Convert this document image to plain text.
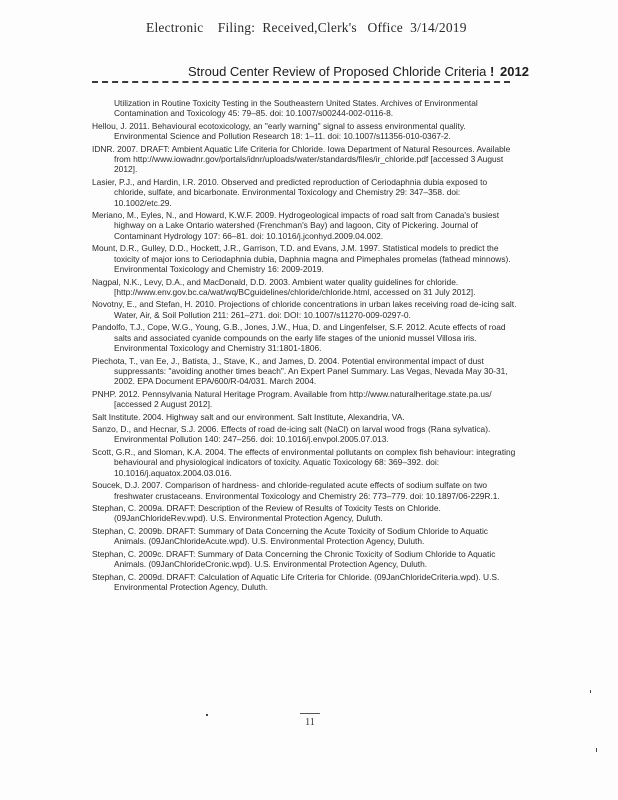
Electronic    Filing:  Received,Clerk's   Office  3/14/2019
Stroud Center Review of Proposed Chloride Criteria ! 2012

Utilization in Routine Toxicity Testing in the Southeastern United States. Archives of Environmental Contamination and Toxicology 45: 79–85. doi: 10.1007/s00244-002-0116-8.

Hellou, J. 2011. Behavioural ecotoxicology, an "early warning" signal to assess environmental quality. Environmental Science and Pollution Research 18: 1–11. doi: 10.1007/s11356-010-0367-2.

IDNR. 2007. DRAFT: Ambient Aquatic Life Criteria for Chloride. Iowa Department of Natural Resources. Available from http://www.iowadnr.gov/portals/idnr/uploads/water/standards/files/ir_chloride.pdf [accessed 3 August 2012].

Lasier, P.J., and Hardin, I.R. 2010. Observed and predicted reproduction of Ceriodaphnia dubia exposed to chloride, sulfate, and bicarbonate. Environmental Toxicology and Chemistry 29: 347–358. doi: 10.1002/etc.29.

Meriano, M., Eyles, N., and Howard, K.W.F. 2009. Hydrogeological impacts of road salt from Canada's busiest highway on a Lake Ontario watershed (Frenchman's Bay) and lagoon, City of Pickering. Journal of Contaminant Hydrology 107: 66–81. doi: 10.1016/j.jconhyd.2009.04.002.

Mount, D.R., Gulley, D.D., Hockett, J.R., Garrison, T.D. and Evans, J.M. 1997. Statistical models to predict the toxicity of major ions to Ceriodaphnia dubia, Daphnia magna and Pimephales promelas (fathead minnows). Environmental Toxicology and Chemistry 16: 2009-2019.

Nagpal, N.K., Levy, D.A., and MacDonald, D.D. 2003. Ambient water quality guidelines for chloride. [http://www.env.gov.bc.ca/wat/wq/BCguidelines/chloride/chloride.html, accessed on 31 July 2012].

Novotny, E., and Stefan, H. 2010. Projections of chloride concentrations in urban lakes receiving road de-icing salt. Water, Air, & Soil Pollution 211: 261–271. doi: DOI: 10.1007/s11270-009-0297-0.

Pandolfo, T.J., Cope, W.G., Young, G.B., Jones, J.W., Hua, D. and Lingenfelser, S.F. 2012. Acute effects of road salts and associated cyanide compounds on the early life stages of the unionid mussel Villosa iris. Environmental Toxicology and Chemistry 31:1801-1806.

Piechota, T., van Ee, J., Batista, J., Stave, K., and James, D. 2004. Potential environmental impact of dust suppressants: "avoiding another times beach". An Expert Panel Summary. Las Vegas, Nevada May 30-31, 2002. EPA Document EPA/600/R-04/031. March 2004.

PNHP. 2012. Pennsylvania Natural Heritage Program. Available from http://www.naturalheritage.state.pa.us/ [accessed 2 August 2012].

Salt Institute. 2004. Highway salt and our environment. Salt Institute, Alexandria, VA.

Sanzo, D., and Hecnar, S.J. 2006. Effects of road de-icing salt (NaCl) on larval wood frogs (Rana sylvatica). Environmental Pollution 140: 247–256. doi: 10.1016/j.envpol.2005.07.013.

Scott, G.R., and Sloman, K.A. 2004. The effects of environmental pollutants on complex fish behaviour: integrating behavioural and physiological indicators of toxicity. Aquatic Toxicology 68: 369–392. doi: 10.1016/j.aquatox.2004.03.016.

Soucek, D.J. 2007. Comparison of hardness- and chloride-regulated acute effects of sodium sulfate on two freshwater crustaceans. Environmental Toxicology and Chemistry 26: 773–779. doi: 10.1897/06-229R.1.

Stephan, C. 2009a. DRAFT: Description of the Review of Results of Toxicity Tests on Chloride. (09JanChlorideRev.wpd). U.S. Environmental Protection Agency, Duluth.

Stephan, C. 2009b. DRAFT: Summary of Data Concerning the Acute Toxicity of Sodium Chloride to Aquatic Animals. (09JanChlorideAcute.wpd). U.S. Environmental Protection Agency, Duluth.

Stephan, C. 2009c. DRAFT: Summary of Data Concerning the Chronic Toxicity of Sodium Chloride to Aquatic Animals. (09JanChlorideCronic.wpd). U.S. Environmental Protection Agency, Duluth.

Stephan, C. 2009d. DRAFT: Calculation of Aquatic Life Criteria for Chloride. (09JanChlorideCriteria.wpd). U.S. Environmental Protection Agency, Duluth.

11
